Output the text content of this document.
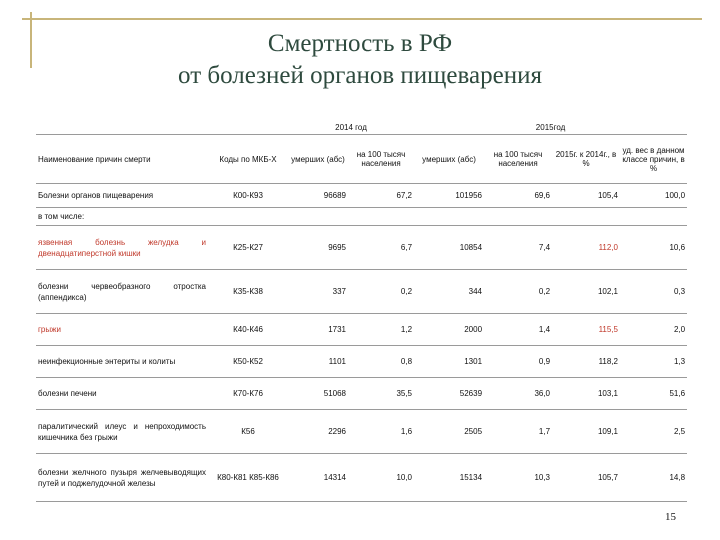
Смертность в РФ
от болезней органов пищеварения
		2014 год		2015год			
Наименование причин смерти	Коды по МКБ-Х	умерших (абс)	на 100 тысяч населения	умерших (абс)	на 100 тысяч населения	2015г. к 2014г., в %	уд. вес в данном классе причин, в %
Болезни органов пищеварения	К00-К93	96689	67,2	101956	69,6	105,4	100,0
в том числе:							
язвенная болезнь желудка и двенадцатиперстной кишки	К25-К27	9695	6,7	10854	7,4	112,0	10,6
болезни червеобразного отростка (аппендикса)	К35-К38	337	0,2	344	0,2	102,1	0,3
грыжи	К40-К46	1731	1,2	2000	1,4	115,5	2,0
неинфекционные энтериты и колиты	К50-К52	1101	0,8	1301	0,9	118,2	1,3
болезни печени	К70-К76	51068	35,5	52639	36,0	103,1	51,6
паралитический илеус и непроходимость кишечника без грыжи	К56	2296	1,6	2505	1,7	109,1	2,5
болезни желчного пузыря желчевыводящих путей и поджелудочной железы	К80-К81 К85-К86	14314	10,0	15134	10,3	105,7	14,8
15
